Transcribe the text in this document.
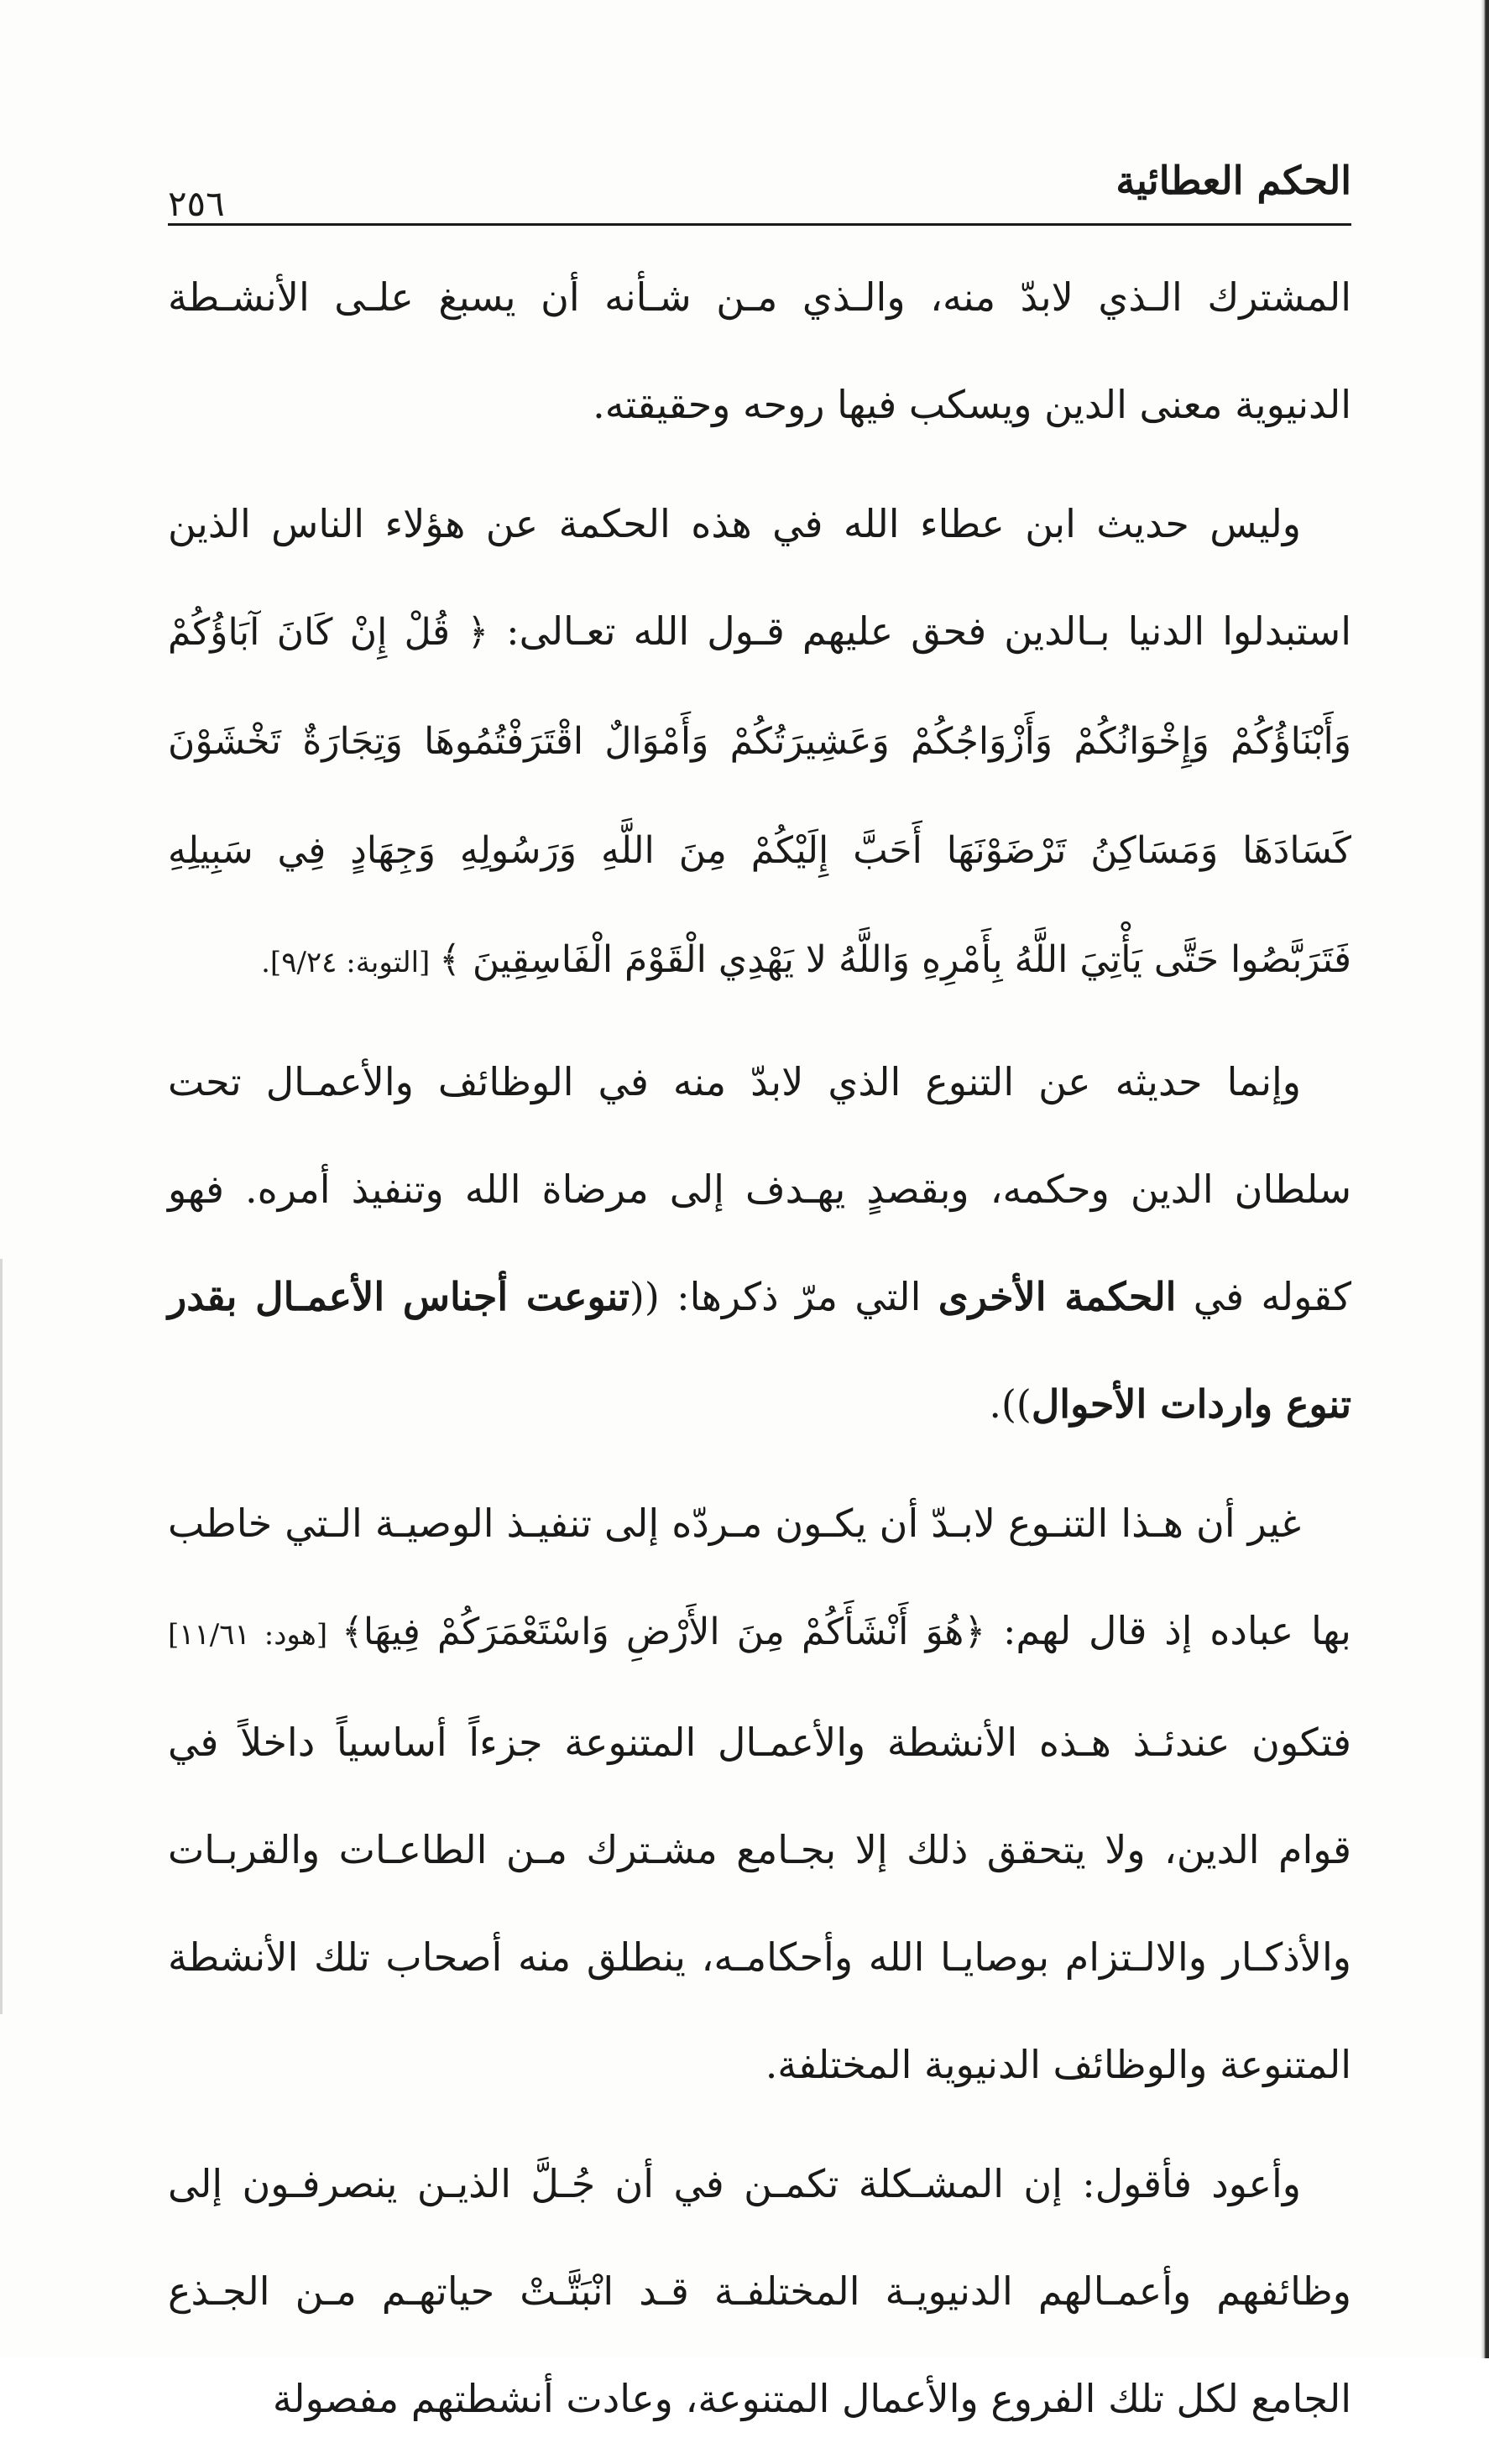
الحكم العطائية
٢٥٦

المشترك الـذي لابدّ منه، والـذي مـن شـأنه أن يسبغ علـى الأنشـطة الدنيوية معنى الدين ويسكب فيها روحه وحقيقته.

وليس حديث ابن عطاء الله في هذه الحكمة عن هؤلاء الناس الذين استبدلوا الدنيا بـالدين فحق عليهم قـول الله تعـالى: ﴿ قُلْ إِنْ كَانَ آبَاؤُكُمْ وَأَبْنَاؤُكُمْ وَإِخْوَانُكُمْ وَأَزْوَاجُكُمْ وَعَشِيرَتُكُمْ وَأَمْوَالٌ اقْتَرَفْتُمُوهَا وَتِجَارَةٌ تَخْشَوْنَ كَسَادَهَا وَمَسَاكِنُ تَرْضَوْنَهَا أَحَبَّ إِلَيْكُمْ مِنَ اللَّهِ وَرَسُولِهِ وَجِهَادٍ فِي سَبِيلِهِ فَتَرَبَّصُوا حَتَّى يَأْتِيَ اللَّهُ بِأَمْرِهِ وَاللَّهُ لا يَهْدِي الْقَوْمَ الْفَاسِقِينَ ﴾ [التوبة: ٩/٢٤].

وإنما حديثه عن التنوع الذي لابدّ منه في الوظائف والأعمـال تحت سلطان الدين وحكمه، وبقصدٍ يهـدف إلى مرضاة الله وتنفيذ أمره. فهو كقوله في الحكمة الأخرى التي مرّ ذكرها: ((تنوعت أجناس الأعمـال بقدر تنوع واردات الأحوال)).

غير أن هـذا التنـوع لابـدّ أن يكـون مـردّه إلى تنفيـذ الوصيـة الـتي خاطب بها عباده إذ قال لهم: ﴿هُوَ أَنْشَأَكُمْ مِنَ الأَرْضِ وَاسْتَعْمَرَكُمْ فِيهَا﴾ [هود: ١١/٦١] فتكون عندئـذ هـذه الأنشطة والأعمـال المتنوعة جزءاً أساسياً داخلاً في قوام الدين، ولا يتحقق ذلك إلا بجـامع مشـترك مـن الطاعـات والقربـات والأذكـار والالـتزام بوصايـا الله وأحكامـه، ينطلق منه أصحاب تلك الأنشطة المتنوعة والوظائف الدنيوية المختلفة.

وأعود فأقول: إن المشـكلة تكمـن في أن جُـلَّ الذيـن ينصرفـون إلى وظائفهم وأعمـالهم الدنيويـة المختلفـة قـد انْبَتَّـتْ حياتهـم مـن الجـذع الجامع لكل تلك الفروع والأعمال المتنوعة، وعادت أنشطتهم مفصولة
